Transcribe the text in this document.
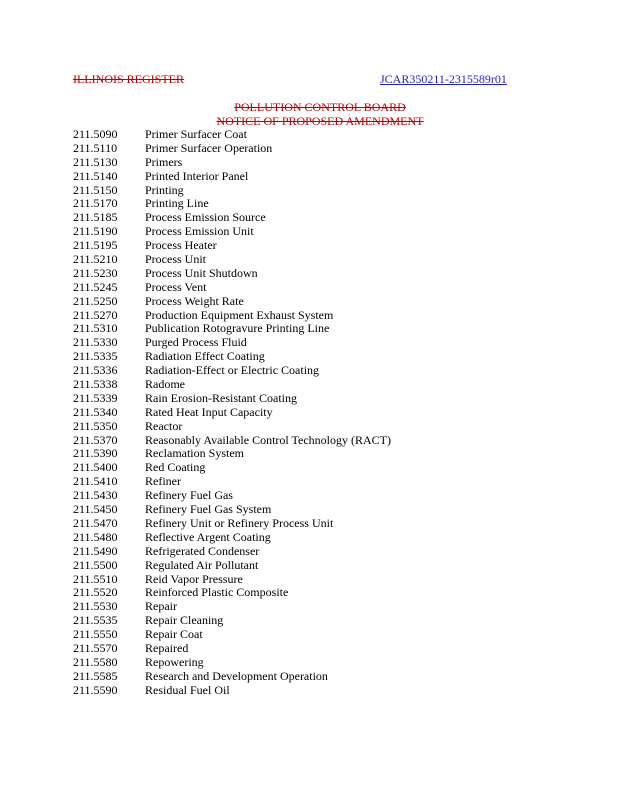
ILLINOIS REGISTER	JCAR350211-2315589r01
POLLUTION CONTROL BOARD
NOTICE OF PROPOSED AMENDMENT
211.5090	Primer Surfacer Coat
211.5110	Primer Surfacer Operation
211.5130	Primers
211.5140	Printed Interior Panel
211.5150	Printing
211.5170	Printing Line
211.5185	Process Emission Source
211.5190	Process Emission Unit
211.5195	Process Heater
211.5210	Process Unit
211.5230	Process Unit Shutdown
211.5245	Process Vent
211.5250	Process Weight Rate
211.5270	Production Equipment Exhaust System
211.5310	Publication Rotogravure Printing Line
211.5330	Purged Process Fluid
211.5335	Radiation Effect Coating
211.5336	Radiation-Effect or Electric Coating
211.5338	Radome
211.5339	Rain Erosion-Resistant Coating
211.5340	Rated Heat Input Capacity
211.5350	Reactor
211.5370	Reasonably Available Control Technology (RACT)
211.5390	Reclamation System
211.5400	Red Coating
211.5410	Refiner
211.5430	Refinery Fuel Gas
211.5450	Refinery Fuel Gas System
211.5470	Refinery Unit or Refinery Process Unit
211.5480	Reflective Argent Coating
211.5490	Refrigerated Condenser
211.5500	Regulated Air Pollutant
211.5510	Reid Vapor Pressure
211.5520	Reinforced Plastic Composite
211.5530	Repair
211.5535	Repair Cleaning
211.5550	Repair Coat
211.5570	Repaired
211.5580	Repowering
211.5585	Research and Development Operation
211.5590	Residual Fuel Oil
